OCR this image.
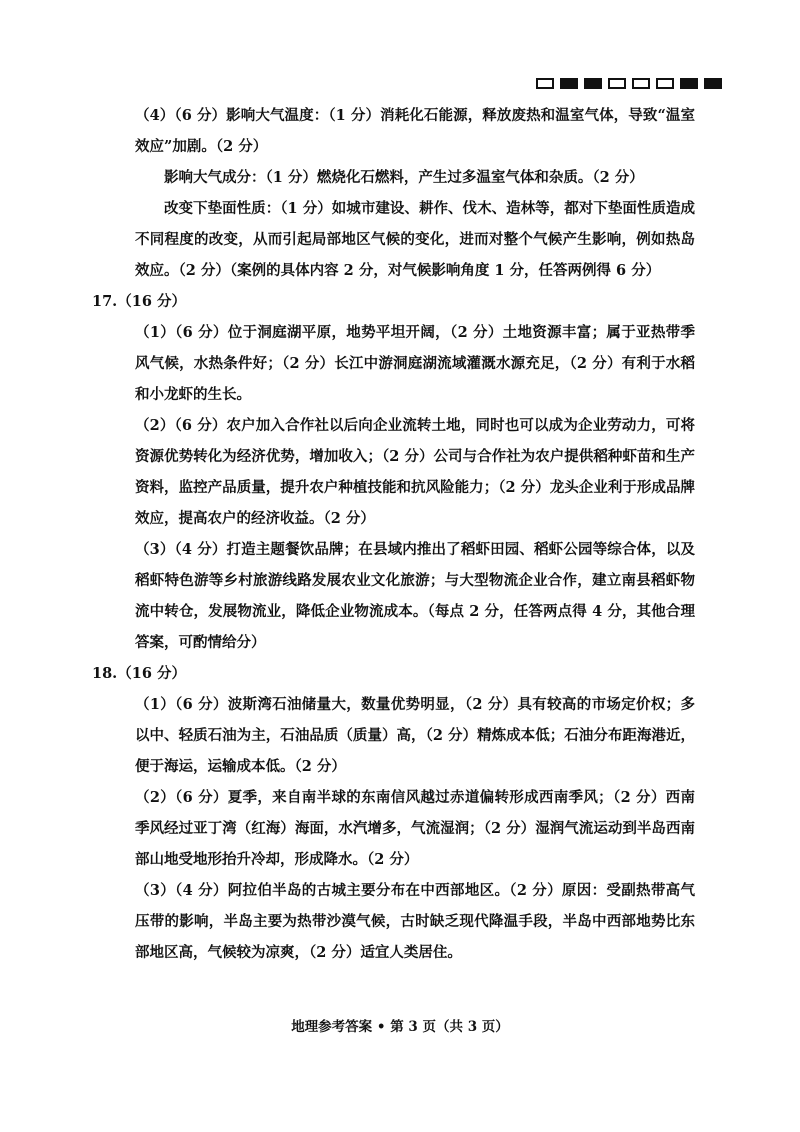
（4）（6 分）影响大气温度：（1 分）消耗化石能源，释放废热和温室气体，导致“温室效应”加剧。（2 分）

影响大气成分：（1 分）燃烧化石燃料，产生过多温室气体和杂质。（2 分）

改变下垫面性质：（1 分）如城市建设、耕作、伐木、造林等，都对下垫面性质造成不同程度的改变，从而引起局部地区气候的变化，进而对整个气候产生影响，例如热岛效应。（2 分）（案例的具体内容 2 分，对气候影响角度 1 分，任答两例得 6 分）

17.（16 分）

（1）（6 分）位于洞庭湖平原，地势平坦开阔，（2 分）土地资源丰富；属于亚热带季风气候，水热条件好；（2 分）长江中游洞庭湖流域灌溉水源充足，（2 分）有利于水稻和小龙虾的生长。

（2）（6 分）农户加入合作社以后向企业流转土地，同时也可以成为企业劳动力，可将资源优势转化为经济优势，增加收入；（2 分）公司与合作社为农户提供稻种虾苗和生产资料，监控产品质量，提升农户种植技能和抗风险能力；（2 分）龙头企业利于形成品牌效应，提高农户的经济收益。（2 分）

（3）（4 分）打造主题餐饮品牌；在县域内推出了稻虾田园、稻虾公园等综合体，以及稻虾特色游等乡村旅游线路发展农业文化旅游；与大型物流企业合作，建立南县稻虾物流中转仓，发展物流业，降低企业物流成本。（每点 2 分，任答两点得 4 分，其他合理答案，可酌情给分）

18.（16 分）

（1）（6 分）波斯湾石油储量大，数量优势明显，（2 分）具有较高的市场定价权；多以中、轻质石油为主，石油品质（质量）高，（2 分）精炼成本低；石油分布距海港近，便于海运，运输成本低。（2 分）

（2）（6 分）夏季，来自南半球的东南信风越过赤道偏转形成西南季风；（2 分）西南季风经过亚丁湾（红海）海面，水汽增多，气流湿润；（2 分）湿润气流运动到半岛西南部山地受地形抬升冷却，形成降水。（2 分）

（3）（4 分）阿拉伯半岛的古城主要分布在中西部地区。（2 分）原因：受副热带高气压带的影响，半岛主要为热带沙漠气候，古时缺乏现代降温手段，半岛中西部地势比东部地区高，气候较为凉爽，（2 分）适宜人类居住。

地理参考答案 • 第 3 页（共 3 页）
